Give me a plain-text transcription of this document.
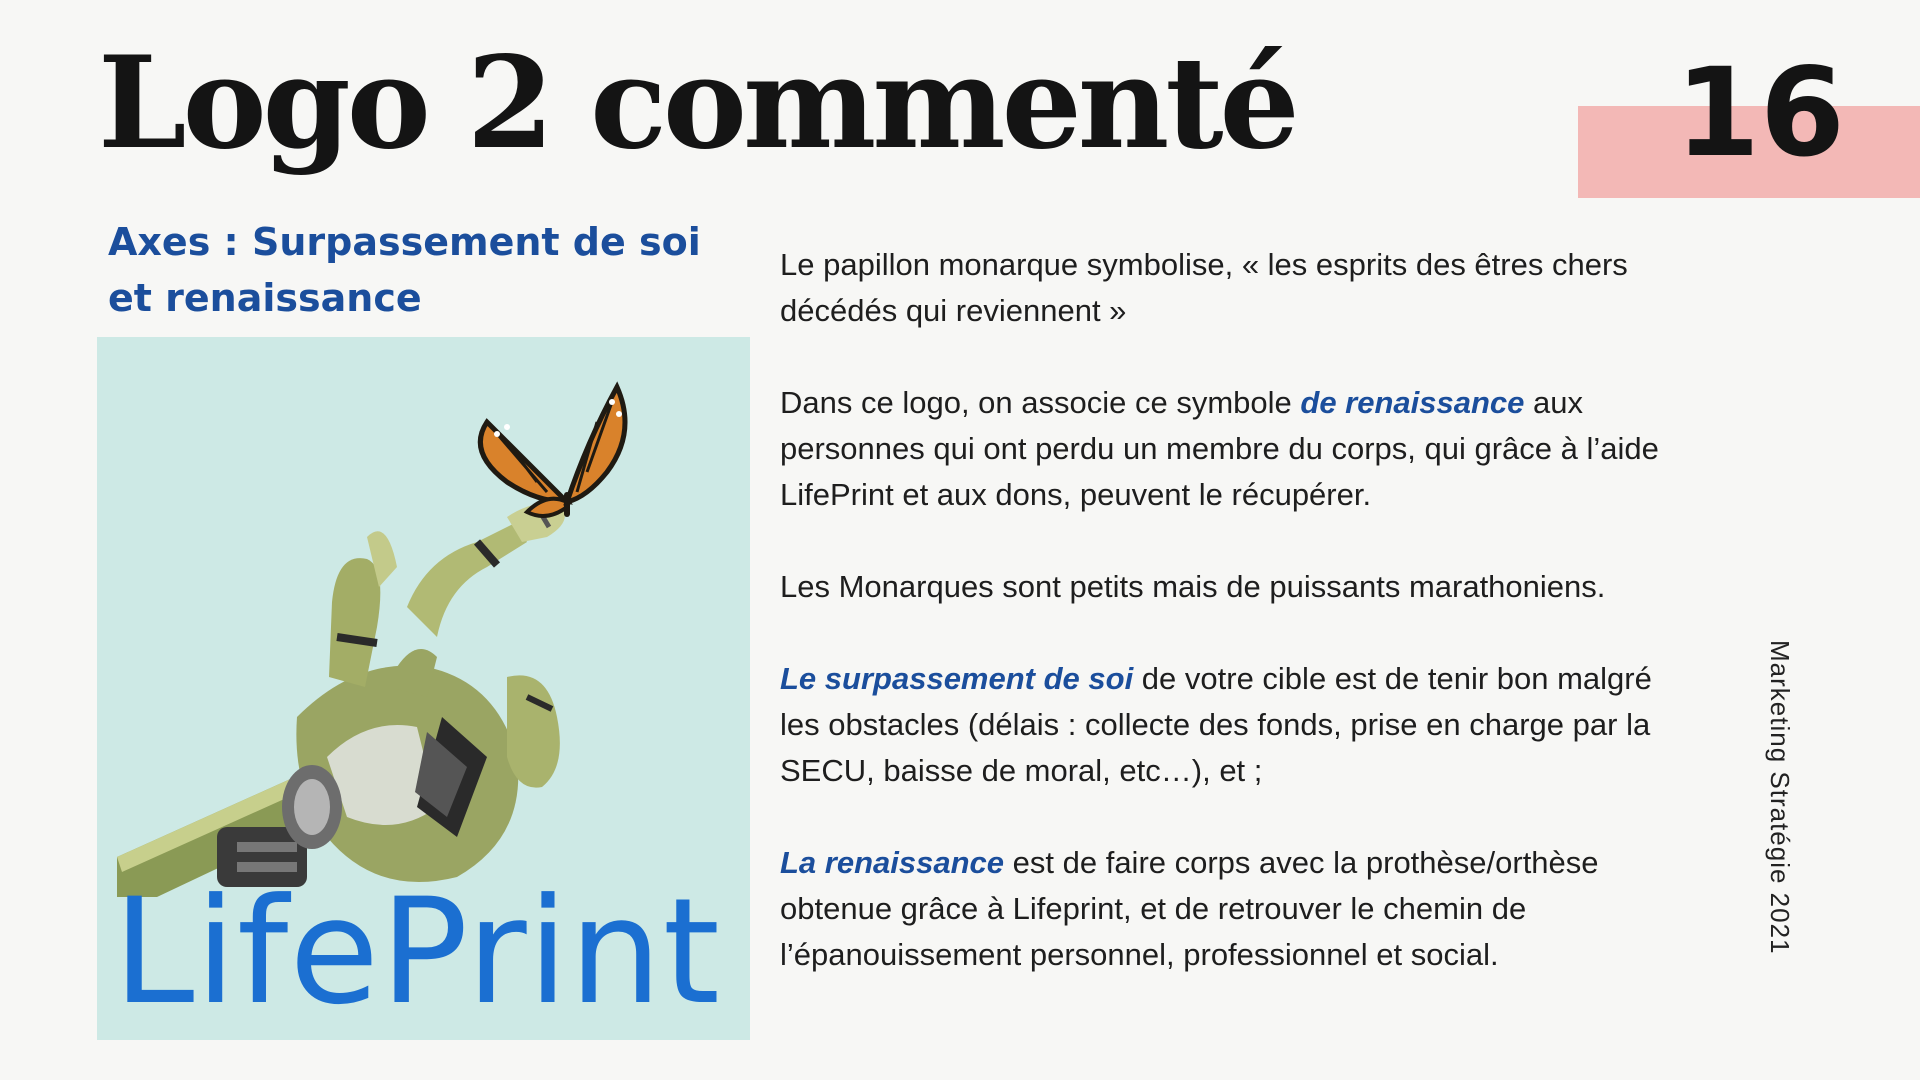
Logo 2 commenté	16
Axes : Surpassement de soi et renaissance
LifePrint

Le papillon monarque symbolise, « les esprits des êtres chers décédés qui reviennent »

Dans ce logo, on associe ce symbole de renaissance aux personnes qui ont perdu un membre du corps, qui grâce à l’aide LifePrint et aux dons, peuvent le récupérer.

Les Monarques sont petits mais de puissants marathoniens.

Le surpassement de soi de votre cible est de tenir bon malgré les obstacles (délais : collecte des fonds, prise en charge par la SECU, baisse de moral, etc…), et ;

La renaissance est de faire corps avec la prothèse/orthèse obtenue grâce à Lifeprint, et de retrouver le chemin de l’épanouissement personnel, professionnel et social.	Marketing Stratégie 2021
